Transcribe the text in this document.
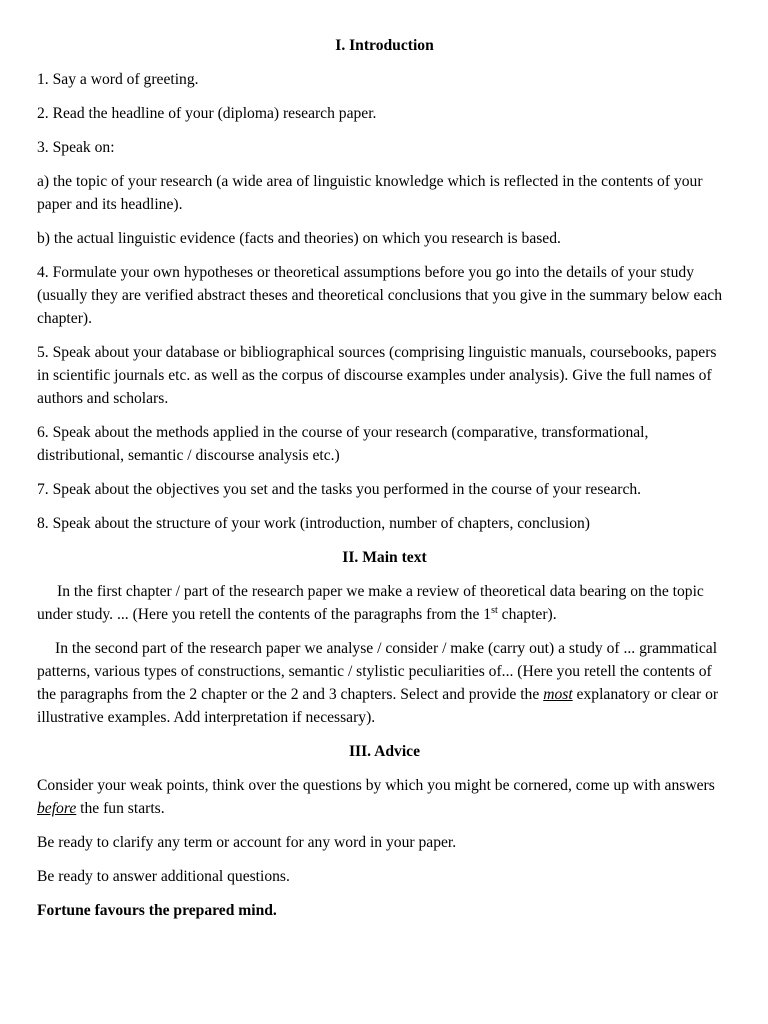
I. Introduction
1. Say a word of greeting.
2. Read the headline of your (diploma) research paper.
3. Speak on:
a) the topic of your research (a wide area of linguistic knowledge which is reflected in the contents of your paper and its headline).
b) the actual linguistic evidence (facts and theories) on which you research is based.
4. Formulate your own hypotheses or theoretical assumptions before you go into the details of your study (usually they are verified abstract theses and theoretical conclusions that you give in the summary below each chapter).
5. Speak about your database or bibliographical sources (comprising linguistic manuals, coursebooks, papers in scientific journals etc. as well as the corpus of discourse examples under analysis). Give the full names of authors and scholars.
6. Speak about the methods applied in the course of your research (comparative, transformational, distributional, semantic / discourse analysis etc.)
7. Speak about the objectives you set and the tasks you performed in the course of your research.
8. Speak about the structure of your work (introduction, number of chapters, conclusion)
II. Main text
In the first chapter / part of the research paper we make a review of theoretical data bearing on the topic under study. ... (Here you retell the contents of the paragraphs from the 1st chapter).
In the second part of the research paper we analyse / consider / make (carry out) a study of ... grammatical patterns, various types of constructions, semantic / stylistic peculiarities of... (Here you retell the contents of the paragraphs from the 2 chapter or the 2 and 3 chapters. Select and provide the most explanatory or clear or illustrative examples. Add interpretation if necessary).
III. Advice
Consider your weak points, think over the questions by which you might be cornered, come up with answers before the fun starts.
Be ready to clarify any term or account for any word in your paper.
Be ready to answer additional questions.
Fortune favours the prepared mind.
